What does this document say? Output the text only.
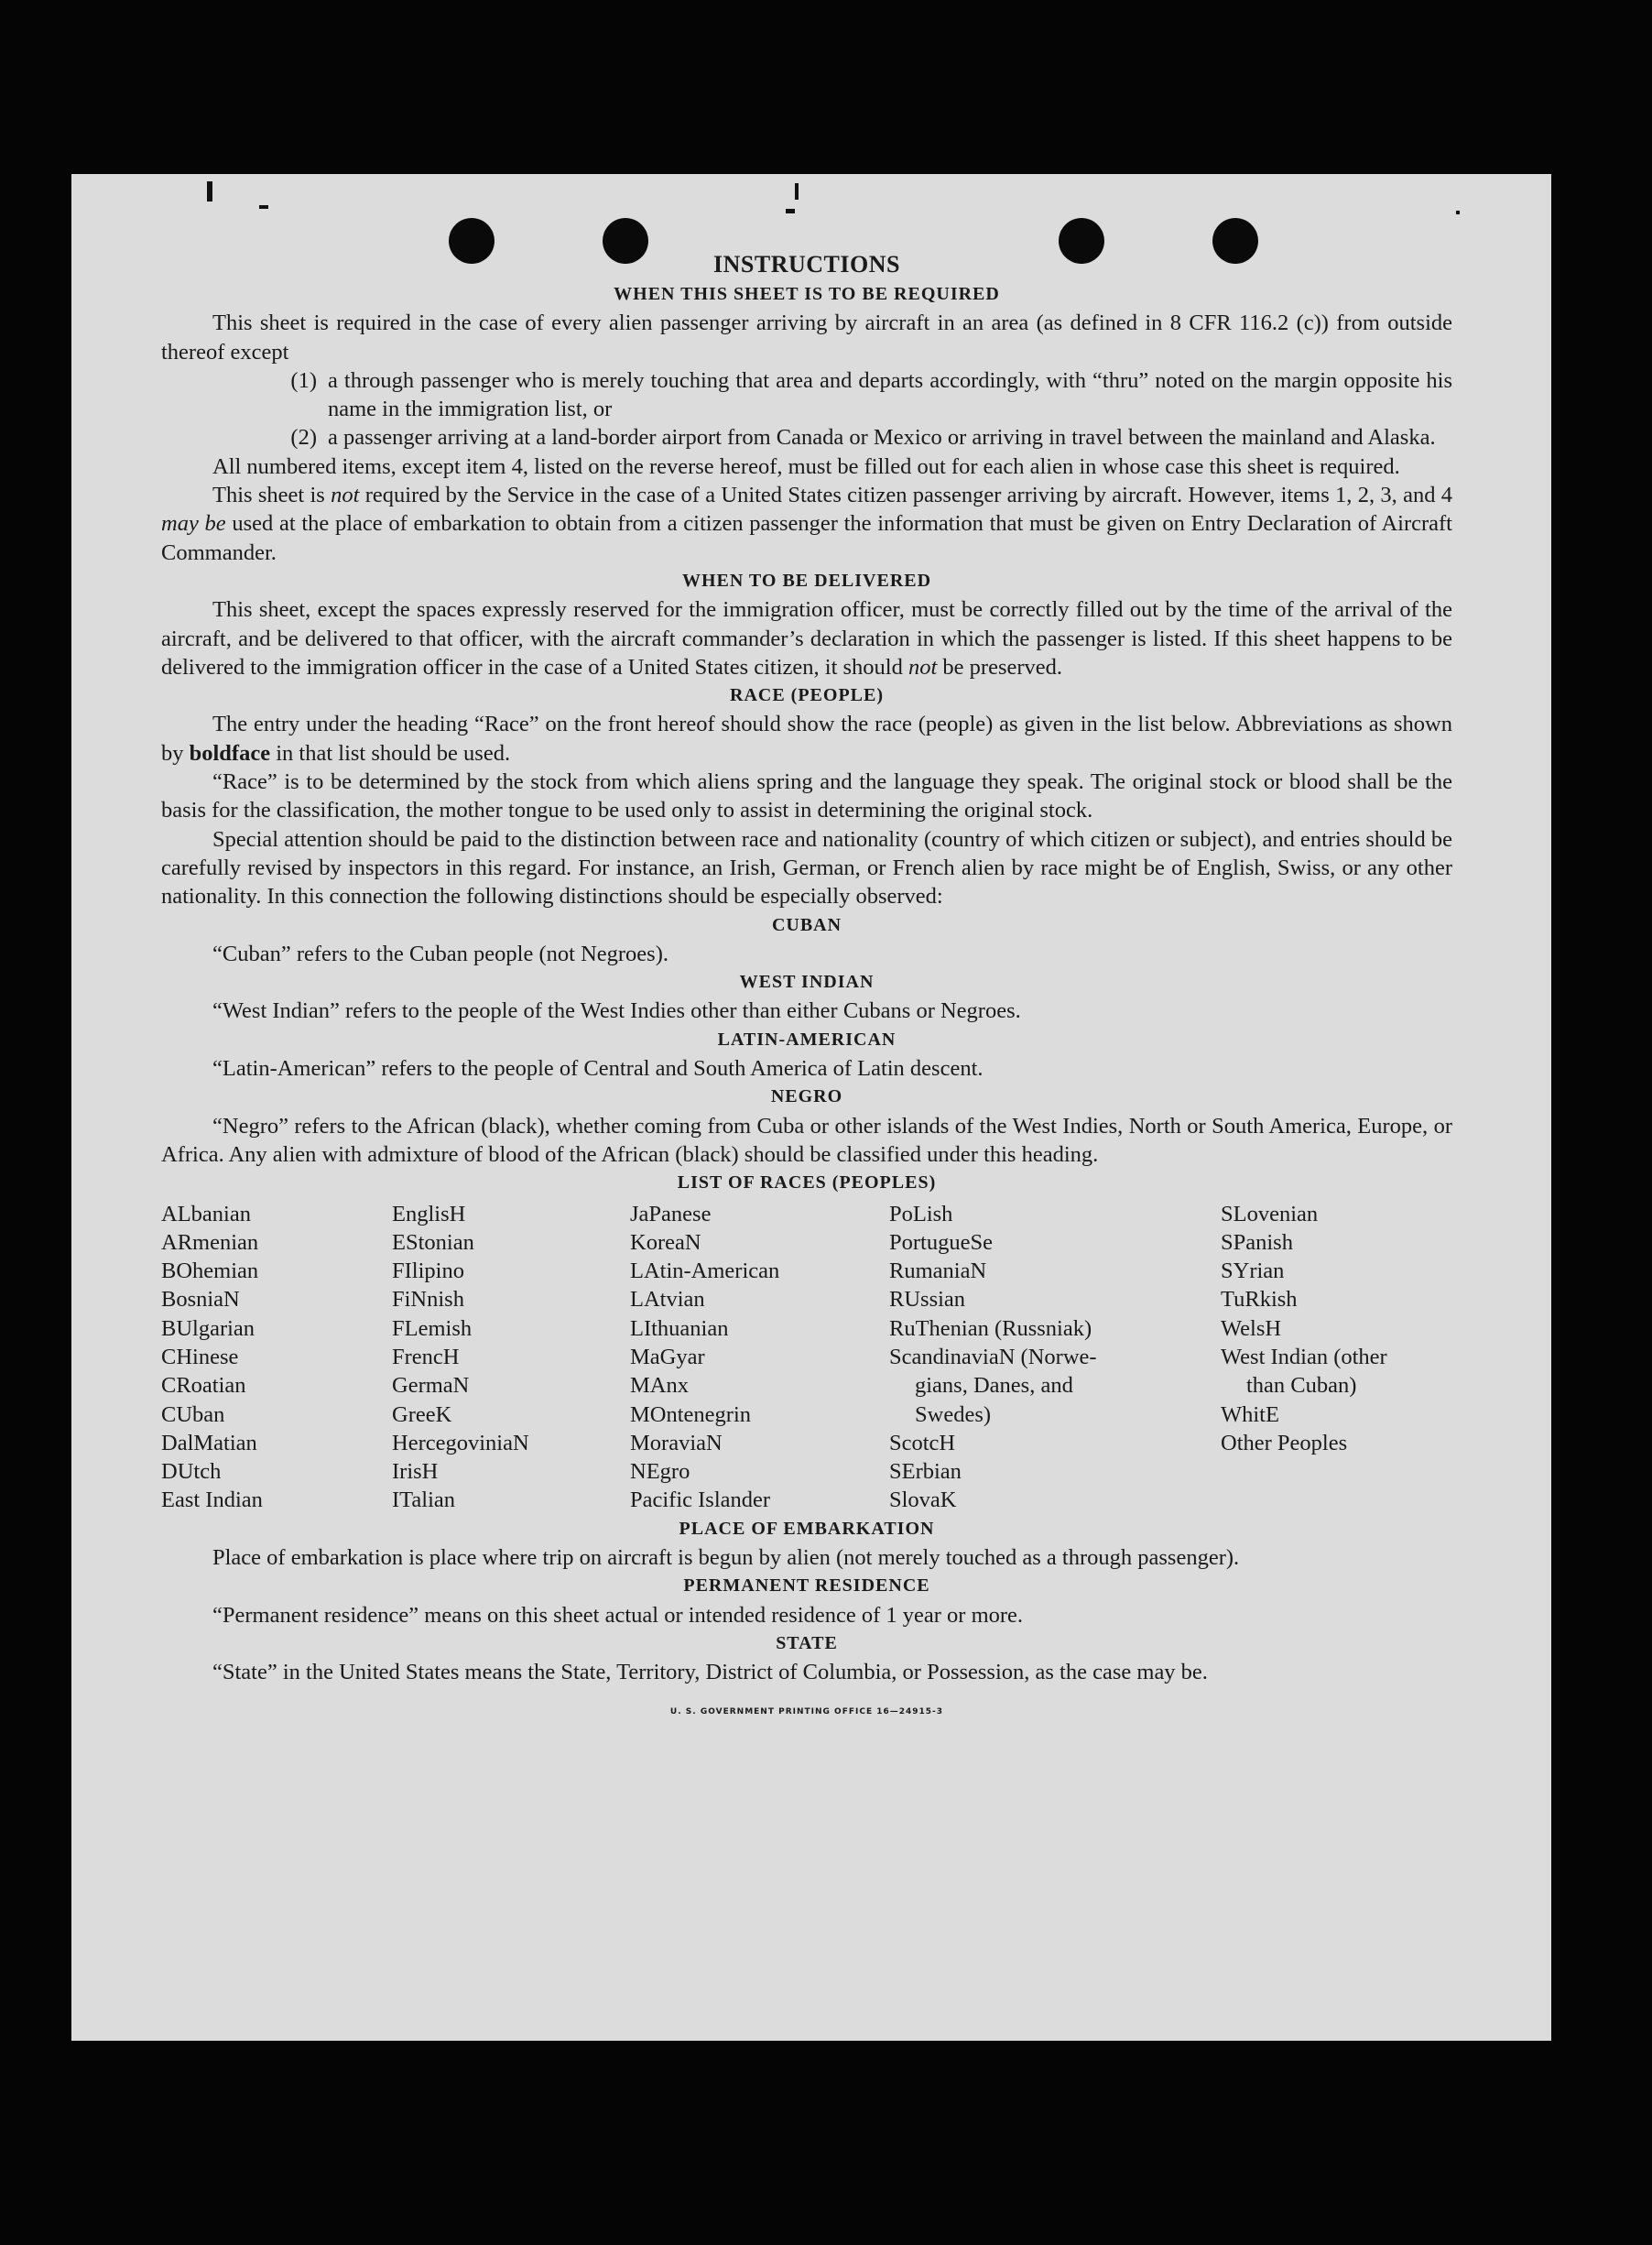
INSTRUCTIONS
WHEN THIS SHEET IS TO BE REQUIRED

This sheet is required in the case of every alien passenger arriving by aircraft in an area (as defined in 8 CFR 116.2 (c)) from outside thereof except

(1) a through passenger who is merely touching that area and departs accordingly, with “thru” noted on the margin opposite his name in the immigration list, or
(2) a passenger arriving at a land-border airport from Canada or Mexico or arriving in travel between the mainland and Alaska.

All numbered items, except item 4, listed on the reverse hereof, must be filled out for each alien in whose case this sheet is required.

This sheet is not required by the Service in the case of a United States citizen passenger arriving by aircraft. However, items 1, 2, 3, and 4 may be used at the place of embarkation to obtain from a citizen passenger the information that must be given on Entry Declaration of Aircraft Commander.

WHEN TO BE DELIVERED

This sheet, except the spaces expressly reserved for the immigration officer, must be correctly filled out by the time of the arrival of the aircraft, and be delivered to that officer, with the aircraft commander’s declaration in which the passenger is listed. If this sheet happens to be delivered to the immigration officer in the case of a United States citizen, it should not be preserved.

RACE (PEOPLE)

The entry under the heading “Race” on the front hereof should show the race (people) as given in the list below. Abbreviations as shown by boldface in that list should be used.

“Race” is to be determined by the stock from which aliens spring and the language they speak. The original stock or blood shall be the basis for the classification, the mother tongue to be used only to assist in determining the original stock.

Special attention should be paid to the distinction between race and nationality (country of which citizen or subject), and entries should be carefully revised by inspectors in this regard. For instance, an Irish, German, or French alien by race might be of English, Swiss, or any other nationality. In this connection the following distinctions should be especially observed:

CUBAN

“Cuban” refers to the Cuban people (not Negroes).

WEST INDIAN

“West Indian” refers to the people of the West Indies other than either Cubans or Negroes.

LATIN-AMERICAN

“Latin-American” refers to the people of Central and South America of Latin descent.

NEGRO

“Negro” refers to the African (black), whether coming from Cuba or other islands of the West Indies, North or South America, Europe, or Africa. Any alien with admixture of blood of the African (black) should be classified under this heading.

LIST OF RACES (PEOPLES)
ALbanian
ARmenian
BOhemian
BosniaN
BUlgarian
CHinese
CRoatian
CUban
DalMatian
DUtch
East Indian
EnglisH
EStonian
FIlipino
FiNnish
FLemish
FrencH
GermaN
GreeK
HercegoviniaN
IrisH
ITalian
JaPanese
KoreaN
LAtin-American
LAtvian
LIthuanian
MaGyar
MAnx
MOntenegrin
MoraviaN
NEgro
Pacific Islander
PoLish
PortugueSe
RumaniaN
RUssian
RuThenian (Russniak)
ScandinaviaN (Norwe-
gians, Danes, and
Swedes)
ScotcH
SErbian
SlovaK
SLovenian
SPanish
SYrian
TuRkish
WelsH
West Indian (other
than Cuban)
WhitE
Other Peoples
PLACE OF EMBARKATION

Place of embarkation is place where trip on aircraft is begun by alien (not merely touched as a through passenger).

PERMANENT RESIDENCE

“Permanent residence” means on this sheet actual or intended residence of 1 year or more.

STATE

“State” in the United States means the State, Territory, District of Columbia, or Possession, as the case may be.

U. S. GOVERNMENT PRINTING OFFICE 16—24915-3
